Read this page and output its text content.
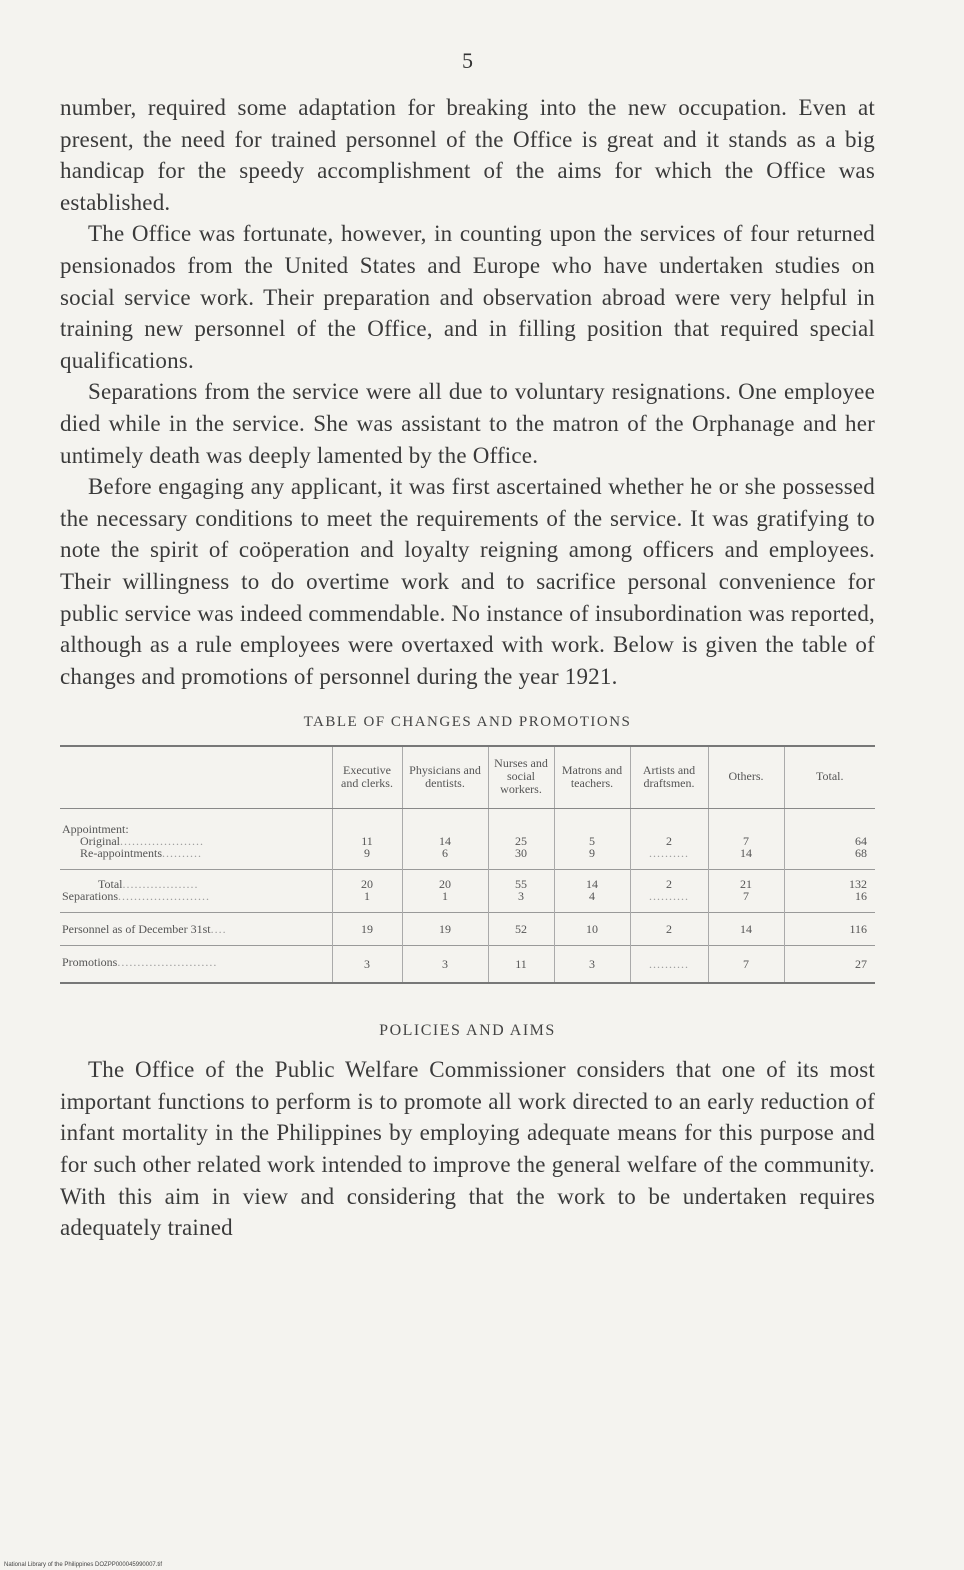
5

number, required some adaptation for breaking into the new occupation. Even at present, the need for trained personnel of the Office is great and it stands as a big handicap for the speedy accomplishment of the aims for which the Office was established.

The Office was fortunate, however, in counting upon the services of four returned pensionados from the United States and Europe who have undertaken studies on social service work. Their preparation and observation abroad were very helpful in training new personnel of the Office, and in filling position that required special qualifications.

Separations from the service were all due to voluntary resignations. One employee died while in the service. She was assistant to the matron of the Orphanage and her untimely death was deeply lamented by the Office.

Before engaging any applicant, it was first ascertained whether he or she possessed the necessary conditions to meet the requirements of the service. It was gratifying to note the spirit of coöperation and loyalty reigning among officers and employees. Their willingness to do overtime work and to sacrifice personal convenience for public service was indeed commendable. No instance of insubordination was reported, although as a rule employees were overtaxed with work. Below is given the table of changes and promotions of personnel during the year 1921.

TABLE OF CHANGES AND PROMOTIONS
	Executive and clerks.	Physicians and dentists.	Nurses and social workers.	Matrons and teachers.	Artists and draftsmen.	Others.	Total.
Appointment:							
Original.....................	11	14	25	5	2	7	64
Re-appointments..........	9	6	30	9	..........	14	68
Total...................	20	20	55	14	2	21	132
Separations.......................	1	1	3	4	..........	7	16
Personnel as of December 31st....	19	19	52	10	2	14	116
Promotions.........................	3	3	11	3	..........	7	27
POLICIES AND AIMS

The Office of the Public Welfare Commissioner considers that one of its most important functions to perform is to promote all work directed to an early reduction of infant mortality in the Philippines by employing adequate means for this purpose and for such other related work intended to improve the general welfare of the community. With this aim in view and considering that the work to be undertaken requires adequately trained

National Library of the Philippines DOZPP000045990007.tif
